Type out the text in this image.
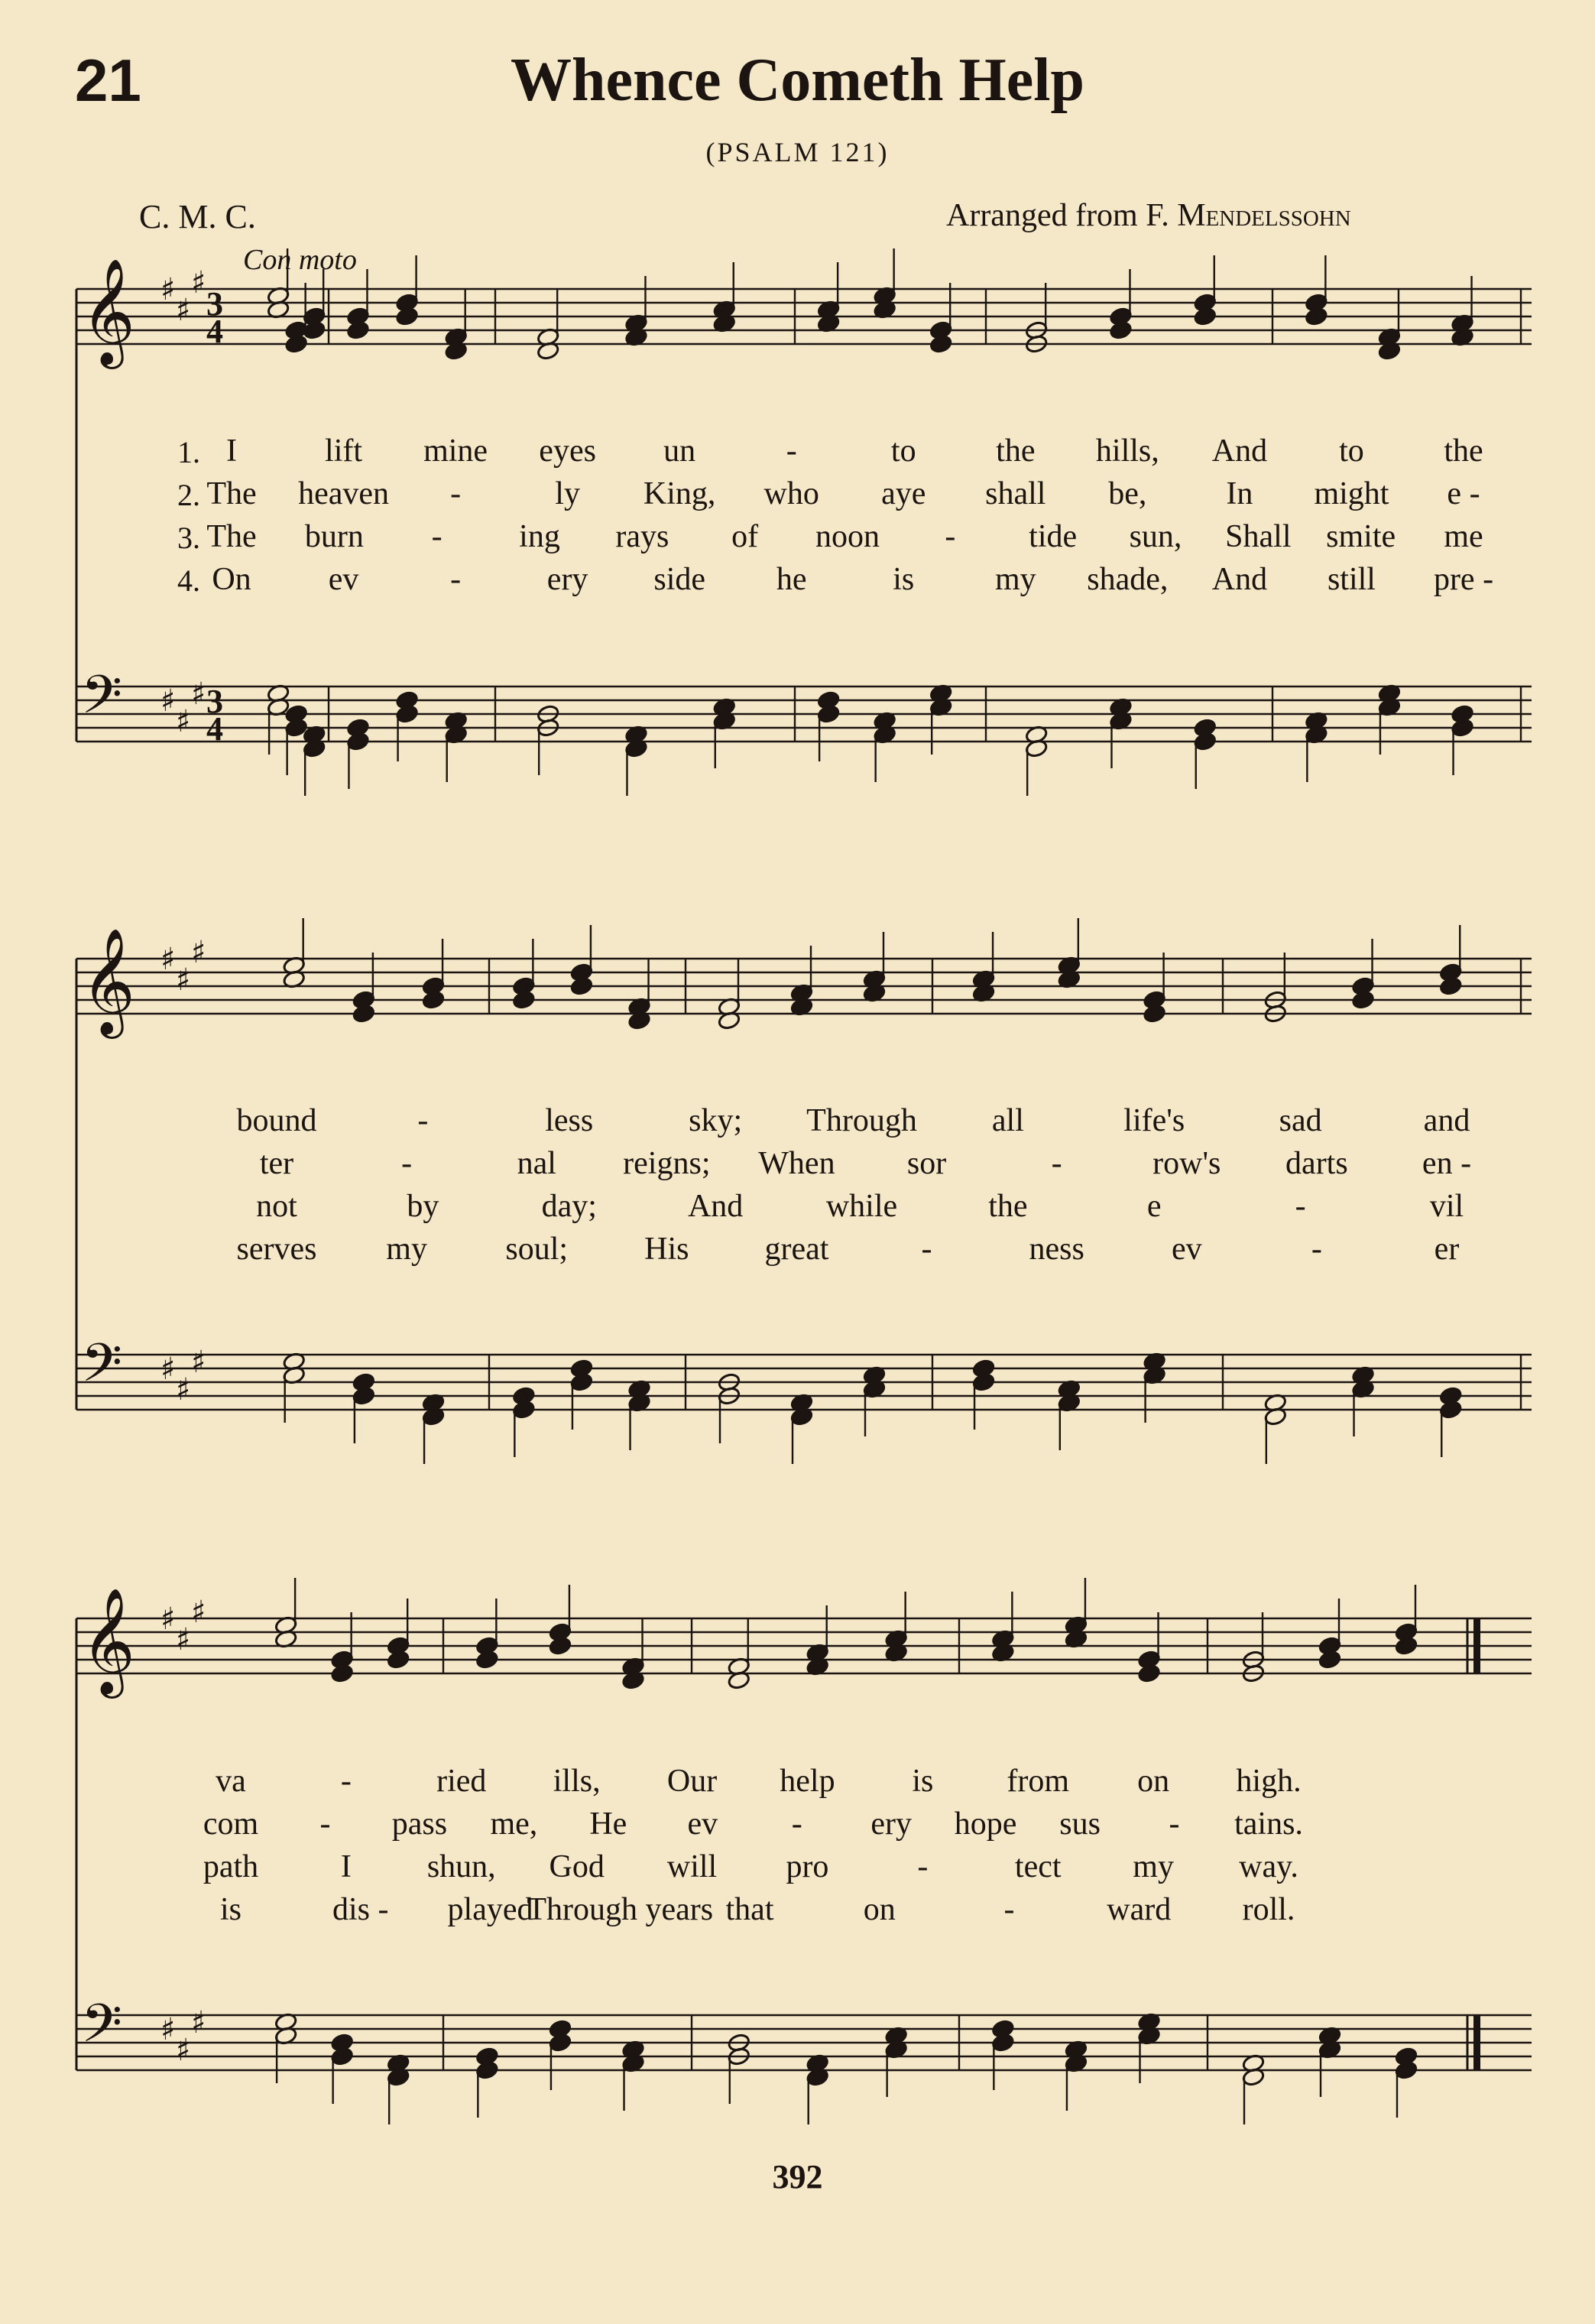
21	Whence Cometh Help
(PSALM 121)
C. M. C.	Arranged from F. Mendelssohn
Con moto
𝄞 ♯
♯
♯
3
4
𝄢 ♯
♯
♯ 3
4
𝄞 ♯
♯
♯
𝄢 ♯
♯
♯
𝄞 ♯
♯
♯
𝄢 ♯
♯
♯
1. I	lift mine eyes un	-	to the hills, And to the
2. The heaven -	ly King, who aye shall be, In might e -
3. The burn - ing rays of noon - tide sun, Shall smite me
4. On ev	-	ery side he	is	my shade, And still pre -
bound	-	less	sky; Through all	life's	sad	and
ter	-	nal reigns; When sor	-	row's darts en -
not	by	day;	And	while	the	e	-	vil
serves my soul; His great	-	ness	ev	-	er
va	-	ried ills, Our help is from on high.
com - pass me, He ev - ery hope sus - tains.
path	I shun, God will pro	-	tect my way.
is	dis - played
Through years that	on	-	ward roll.
392
